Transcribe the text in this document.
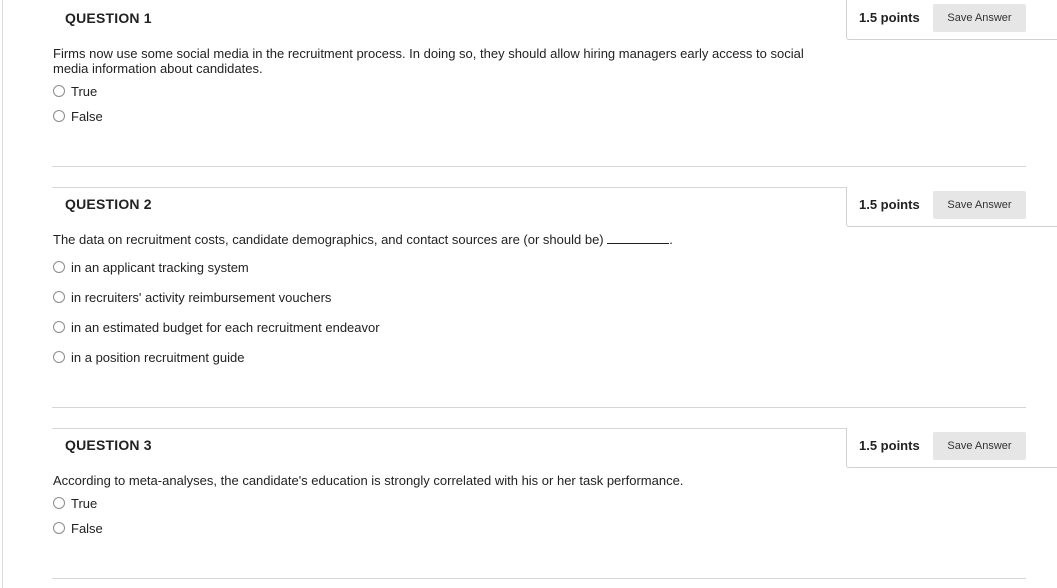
QUESTION 1	1.5 points	Save Answer
Firms now use some social media in the recruitment process. In doing so, they should allow hiring managers early access to social media information about candidates.
True
False
QUESTION 2	1.5 points	Save Answer
The data on recruitment costs, candidate demographics, and contact sources are (or should be)	.
in an applicant tracking system
in recruiters' activity reimbursement vouchers
in an estimated budget for each recruitment endeavor
in a position recruitment guide
QUESTION 3	1.5 points	Save Answer
According to meta-analyses, the candidate's education is strongly correlated with his or her task performance.
True
False
